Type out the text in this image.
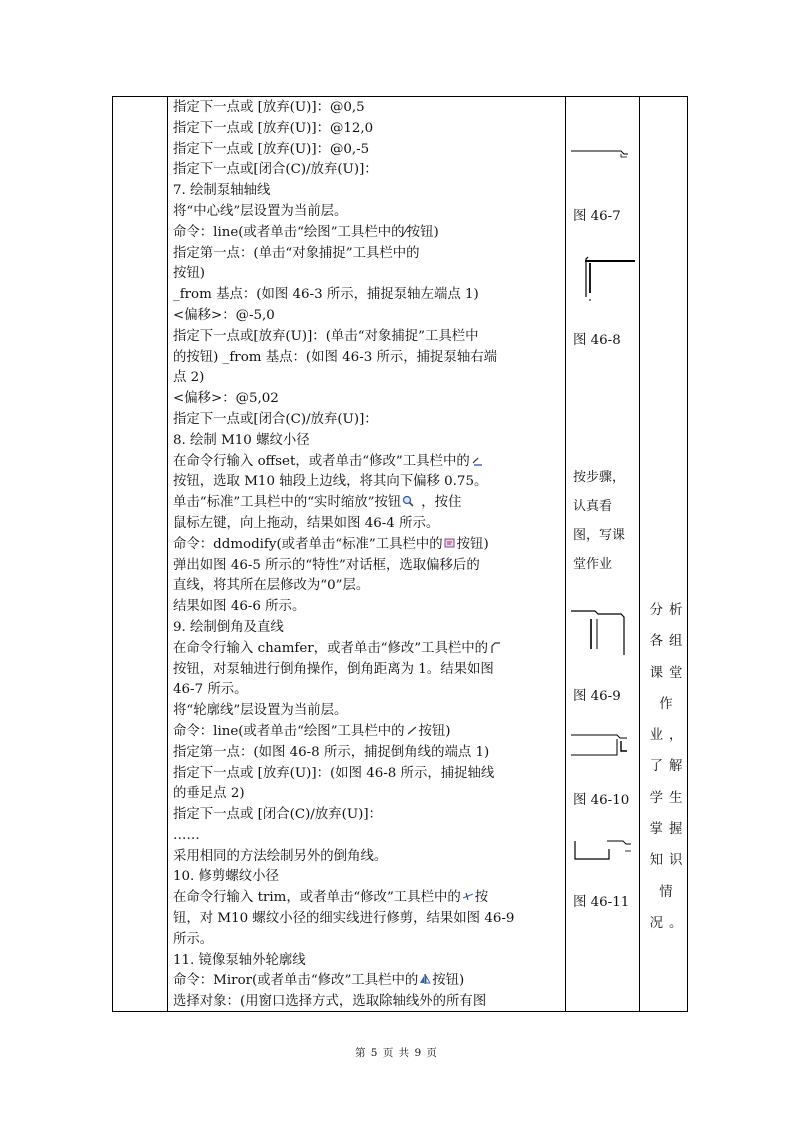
指定下一点或 [放弃(U)]：@0,5
指定下一点或 [放弃(U)]：@12,0
指定下一点或 [放弃(U)]：@0,-5
指定下一点或[闭合(C)/放弃(U)]：
7. 绘制泵轴轴线
将“中心线”层设置为当前层。
命令：line(或者单击“绘图”工具栏中的⁄按钮)
指定第一点：(单击“对象捕捉”工具栏中的
按钮)
_from 基点：(如图 46-3 所示，捕捉泵轴左端点 1)
<偏移>：@-5,0
指定下一点或[放弃(U)]：(单击“对象捕捉”工具栏中
的按钮) _from 基点：(如图 46-3 所示，捕捉泵轴右端
点 2)
<偏移>：@5,02
指定下一点或[闭合(C)/放弃(U)]：
8. 绘制 M10 螺纹小径
在命令行输入 offset，或者单击“修改”工具栏中的
按钮，选取 M10 轴段上边线，将其向下偏移 0.75。
单击“标准”工具栏中的“实时缩放”按钮 ，按住
鼠标左键，向上拖动，结果如图 46-4 所示。
命令：ddmodify(或者单击“标准”工具栏中的 按钮)
弹出如图 46-5 所示的“特性”对话框，选取偏移后的
直线，将其所在层修改为“0”层。
结果如图 46-6 所示。
9. 绘制倒角及直线
在命令行输入 chamfer，或者单击“修改”工具栏中的
按钮，对泵轴进行倒角操作，倒角距离为 1。结果如图
46-7 所示。
将“轮廓线”层设置为当前层。
命令：line(或者单击“绘图”工具栏中的 按钮)
指定第一点：(如图 46-8 所示，捕捉倒角线的端点 1)
指定下一点或 [放弃(U)]：(如图 46-8 所示，捕捉轴线
的垂足点 2)
指定下一点或 [闭合(C)/放弃(U)]：
……
采用相同的方法绘制另外的倒角线。
10. 修剪螺纹小径
在命令行输入 trim，或者单击“修改”工具栏中的 按
钮，对 M10 螺纹小径的细实线进行修剪，结果如图 46-9
所示。
11. 镜像泵轴外轮廓线
命令：Miror(或者单击“修改”工具栏中的 按钮)
选择对象：(用窗口选择方式，选取除轴线外的所有图
图 46-7
图 46-8
按步骤，
认真看
图，写课
堂作业
图 46-9
图 46-10
图 46-11
分析
各组
课堂
作
业，
了解
学生
掌握
知识
情
况。
第 5 页 共 9 页
